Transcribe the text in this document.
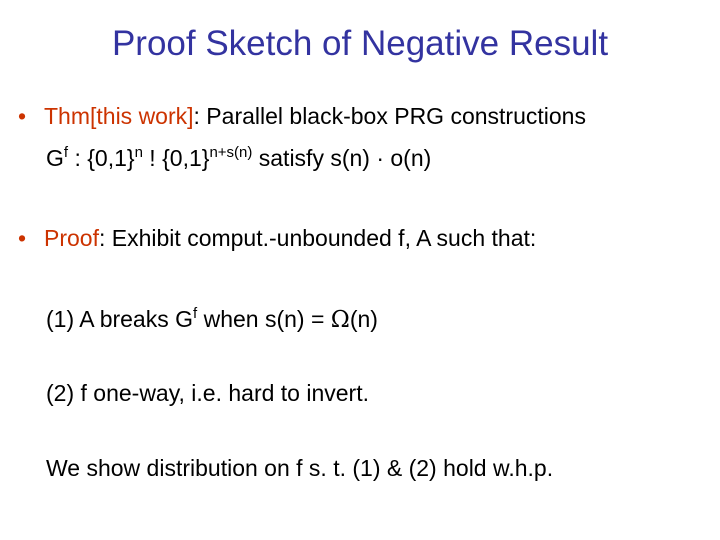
Proof Sketch of Negative Result
• Thm[this work]: Parallel black-box PRG constructions
$G^f$ : $\{0,1\}^n$ ! $\{0,1\}^{n+s(n)}$ satisfy s(n) · o(n)
• Proof: Exhibit comput.-unbounded f, A such that:
(1) A breaks $G^f$ when s(n) = Ω(n)
(2) f one-way, i.e. hard to invert.
We show distribution on f s. t. (1) & (2) hold w.h.p.
